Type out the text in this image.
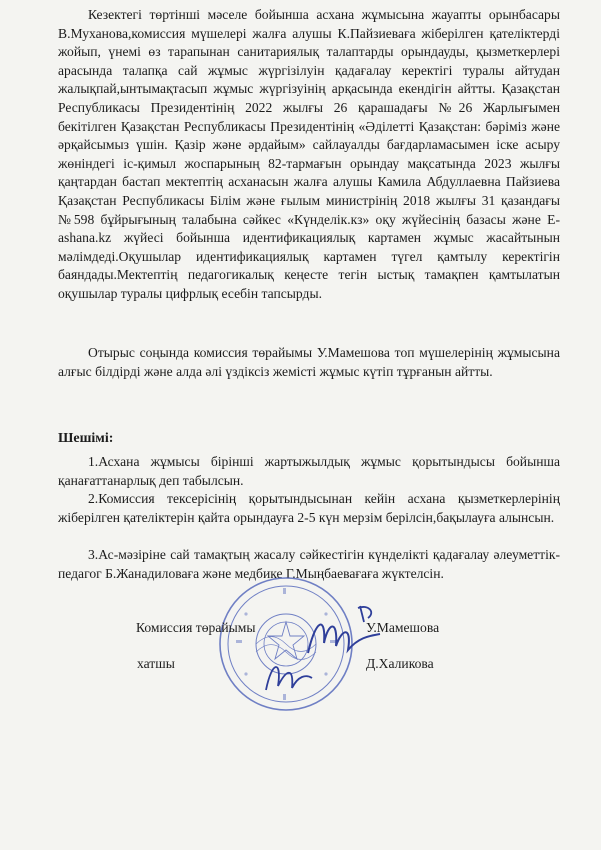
Кезектегі төртінші мәселе бойынша асхана жұмысына жауапты орынбасары В.Муханова,комиссия мүшелері жалға алушы К.Пайзиеваға жіберілген қателіктерді жойып, үнемі өз тарапынан санитариялық талаптарды орындауды, қызметкерлері арасында талапқа сай жұмыс жүргізілуін қадағалау керектігі туралы айтудан жалықпай,ынтымақтасып жұмыс жүргізуінің арқасында екендігін айтты. Қазақстан Республикасы Президентінің 2022 жылғы 26 қарашадағы №26 Жарлығымен бекітілген Қазақстан Республикасы Президентінің «Әділетті Қазақстан: бәріміз және әрқайсымыз үшін. Қазір және әрдайым» сайлауалды бағдарламасымен іске асыру жөніндегі іс-қимыл жоспарының 82-тармағын орындау мақсатында 2023 жылғы қаңтардан бастап мектептің асханасын жалға алушы Камила Абдуллаевна Пайзиева Қазақстан Республикасы Білім және ғылым министрінің 2018 жылғы 31 қазандағы №598 бұйрығының талабына сәйкес «Күнделік.кз» оқу жүйесінің базасы және E-ashana.kz жүйесі бойынша идентификациялық картамен жұмыс жасайтынын мәлімдеді.Оқушылар идентификациялық картамен түгел қамтылу керектігін баяндады.Мектептің педагогикалық кеңесте тегін ыстық тамақпен қамтылатын оқушылар туралы цифрлық есебін тапсырды.

Отырыс соңында комиссия төрайымы У.Мамешова топ мүшелерінің жұмысына алғыс білдірді және алда әлі үздіксіз жемісті жұмыс күтіп тұрғанын айтты.

Шешімі:

1.Асхана жұмысы бірінші жартыжылдық жұмыс қорытындысы бойынша қанағаттанарлық деп табылсын.

2.Комиссия тексерісінің қорытындысынан кейін асхана қызметкерлерінің жіберілген қателіктерін қайта орындауға 2-5 күн мерзім берілсін,бақылауға алынсын.

3.Ас-мәзіріне сай тамақтың жасалу сәйкестігін күнделікті қадағалау әлеуметтік-педагог Б.Жанадиловаға және медбике Г.Мыңбаевағаға жүктелсін.

Комиссия төрайымы	У.Мамешова
хатшы	Д.Халикова
